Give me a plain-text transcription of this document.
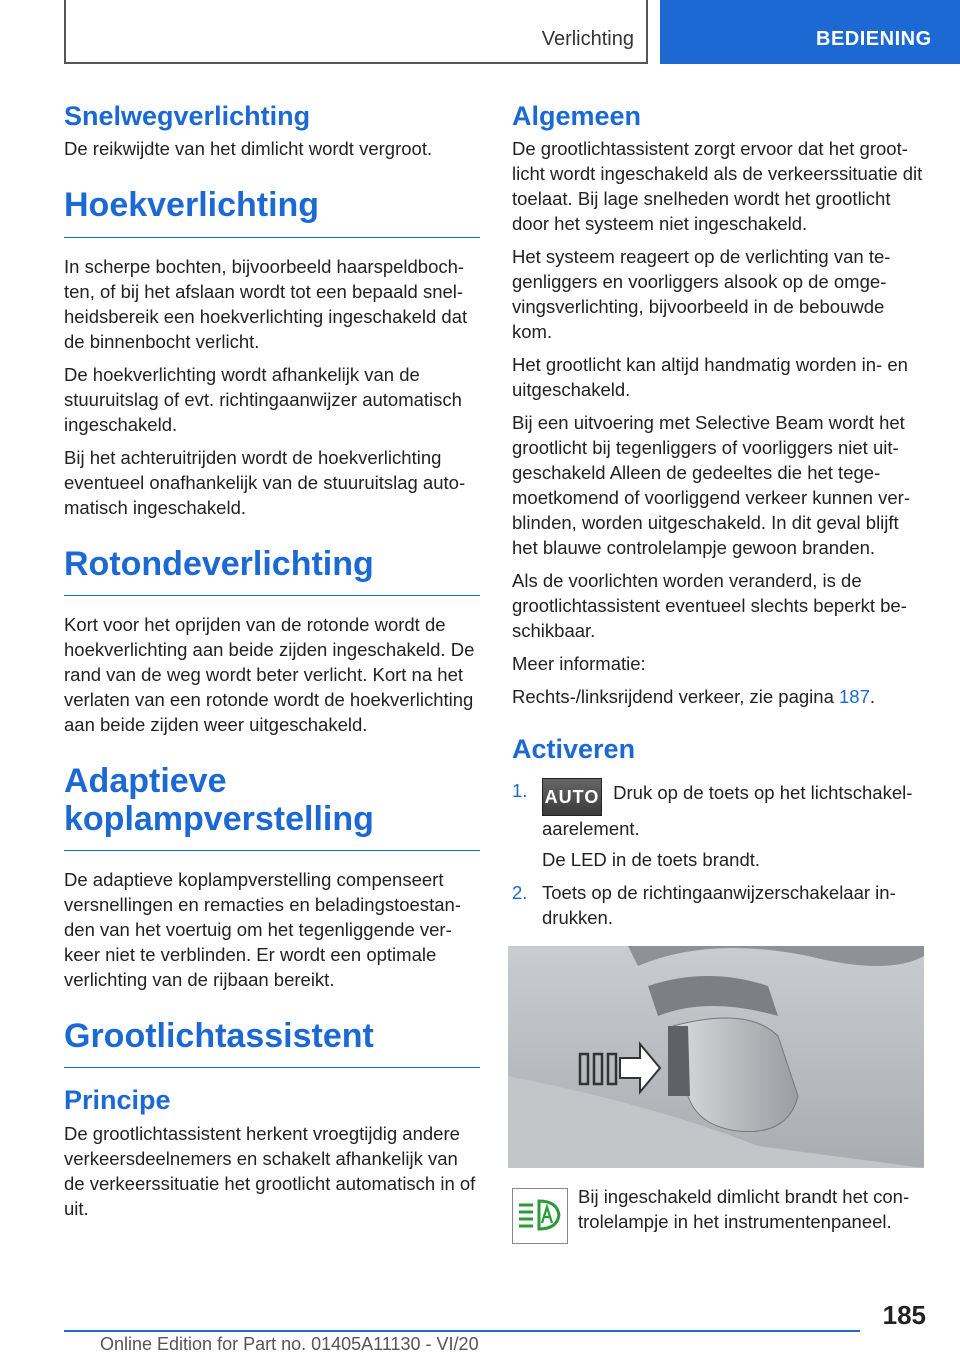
Verlichting	BEDIENING
Snelwegverlichting

De reikwijdte van het dimlicht wordt vergroot.

Hoekverlichting

In scherpe bochten, bijvoorbeeld haarspeldbochten, of bij het afslaan wordt tot een bepaald snelheidsbereik een hoekverlichting ingeschakeld dat de binnenbocht verlicht.

De hoekverlichting wordt afhankelijk van de stuuruitslag of evt. richtingaanwijzer automatisch ingeschakeld.

Bij het achteruitrijden wordt de hoekverlichting eventueel onafhankelijk van de stuuruitslag automatisch ingeschakeld.

Rotondeverlichting

Kort voor het oprijden van de rotonde wordt de hoekverlichting aan beide zijden ingeschakeld. De rand van de weg wordt beter verlicht. Kort na het verlaten van een rotonde wordt de hoekverlichting aan beide zijden weer uitgeschakeld.

Adaptieve
koplampverstelling

De adaptieve koplampverstelling compenseert versnellingen en remacties en beladingstoestanden van het voertuig om het tegenliggende verkeer niet te verblinden. Er wordt een optimale verlichting van de rijbaan bereikt.

Grootlichtassistent
Principe

De grootlichtassistent herkent vroegtijdig andere verkeersdeelnemers en schakelt afhankelijk van de verkeerssituatie het grootlicht automatisch in of uit.

Algemeen

De grootlichtassistent zorgt ervoor dat het grootlicht wordt ingeschakeld als de verkeerssituatie dit toelaat. Bij lage snelheden wordt het grootlicht door het systeem niet ingeschakeld.

Het systeem reageert op de verlichting van tegenliggers en voorliggers alsook op de omgevingsverlichting, bijvoorbeeld in de bebouwde kom.

Het grootlicht kan altijd handmatig worden in- en uitgeschakeld.

Bij een uitvoering met Selective Beam wordt het grootlicht bij tegenliggers of voorliggers niet uitgeschakeld Alleen de gedeeltes die het tegemoetkomend of voorliggend verkeer kunnen verblinden, worden uitgeschakeld. In dit geval blijft het blauwe controlelampje gewoon branden.

Als de voorlichten worden veranderd, is de grootlichtassistent eventueel slechts beperkt beschikbaar.

Meer informatie:

Rechts-/linksrijdend verkeer, zie pagina 187.

Activeren
1. AUTO Druk op de toets op het lichtschakelaarelement.

De LED in de toets brandt.

2. Toets op de richtingaanwijzerschakelaar indrukken.

Bij ingeschakeld dimlicht brandt het controlelampje in het instrumentenpaneel.

185
Online Edition for Part no. 01405A11130 - VI/20
